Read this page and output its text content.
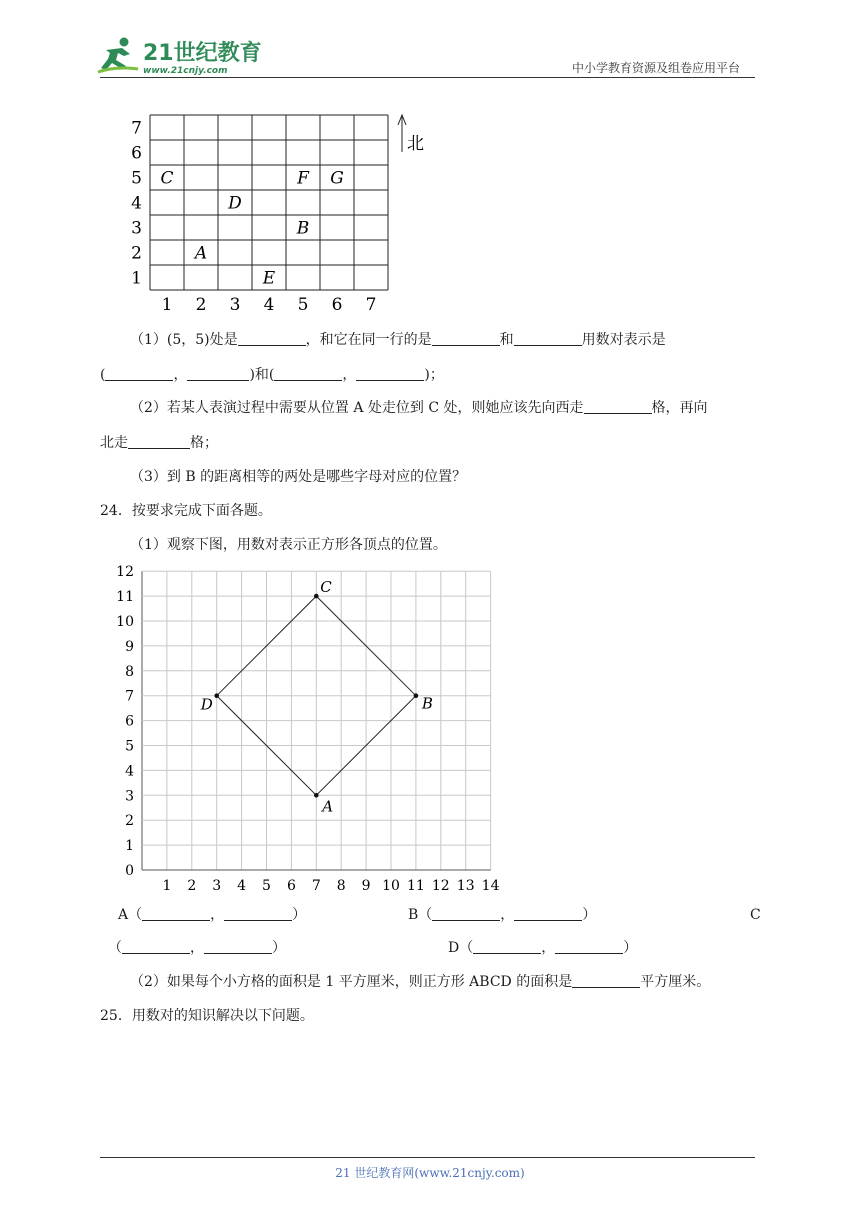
21世纪教育
www.21cnjy.com	中小学教育资源及组卷应用平台
1 2 3 4 5 6 7
1
2
3
4
5
6
7
A
B
C
D
E
F G
北
（1）(5，5)处是	，和它在同一行的是	和	用数对表示是
(	，	)和(	，	)；
（2）若某人表演过程中需要从位置 A 处走位到 C 处，则她应该先向西走	格，再向
北走	格；
（3）到 B 的距离相等的两处是哪些字母对应的位置？
24．按要求完成下面各题。
（1）观察下图，用数对表示正方形各顶点的位置。
1 2 3 4 5 6 7 8 9 10 11 12 13 14
0
1
2
3
4
5
6
7
8
9
10
11
12
A
B
C
D
A（	，	）	B（	，	）	C
（	，	）	D（	，	）
（2）如果每个小方格的面积是 1 平方厘米，则正方形 ABCD 的面积是	平方厘米。
25．用数对的知识解决以下问题。
21 世纪教育网(www.21cnjy.com)
